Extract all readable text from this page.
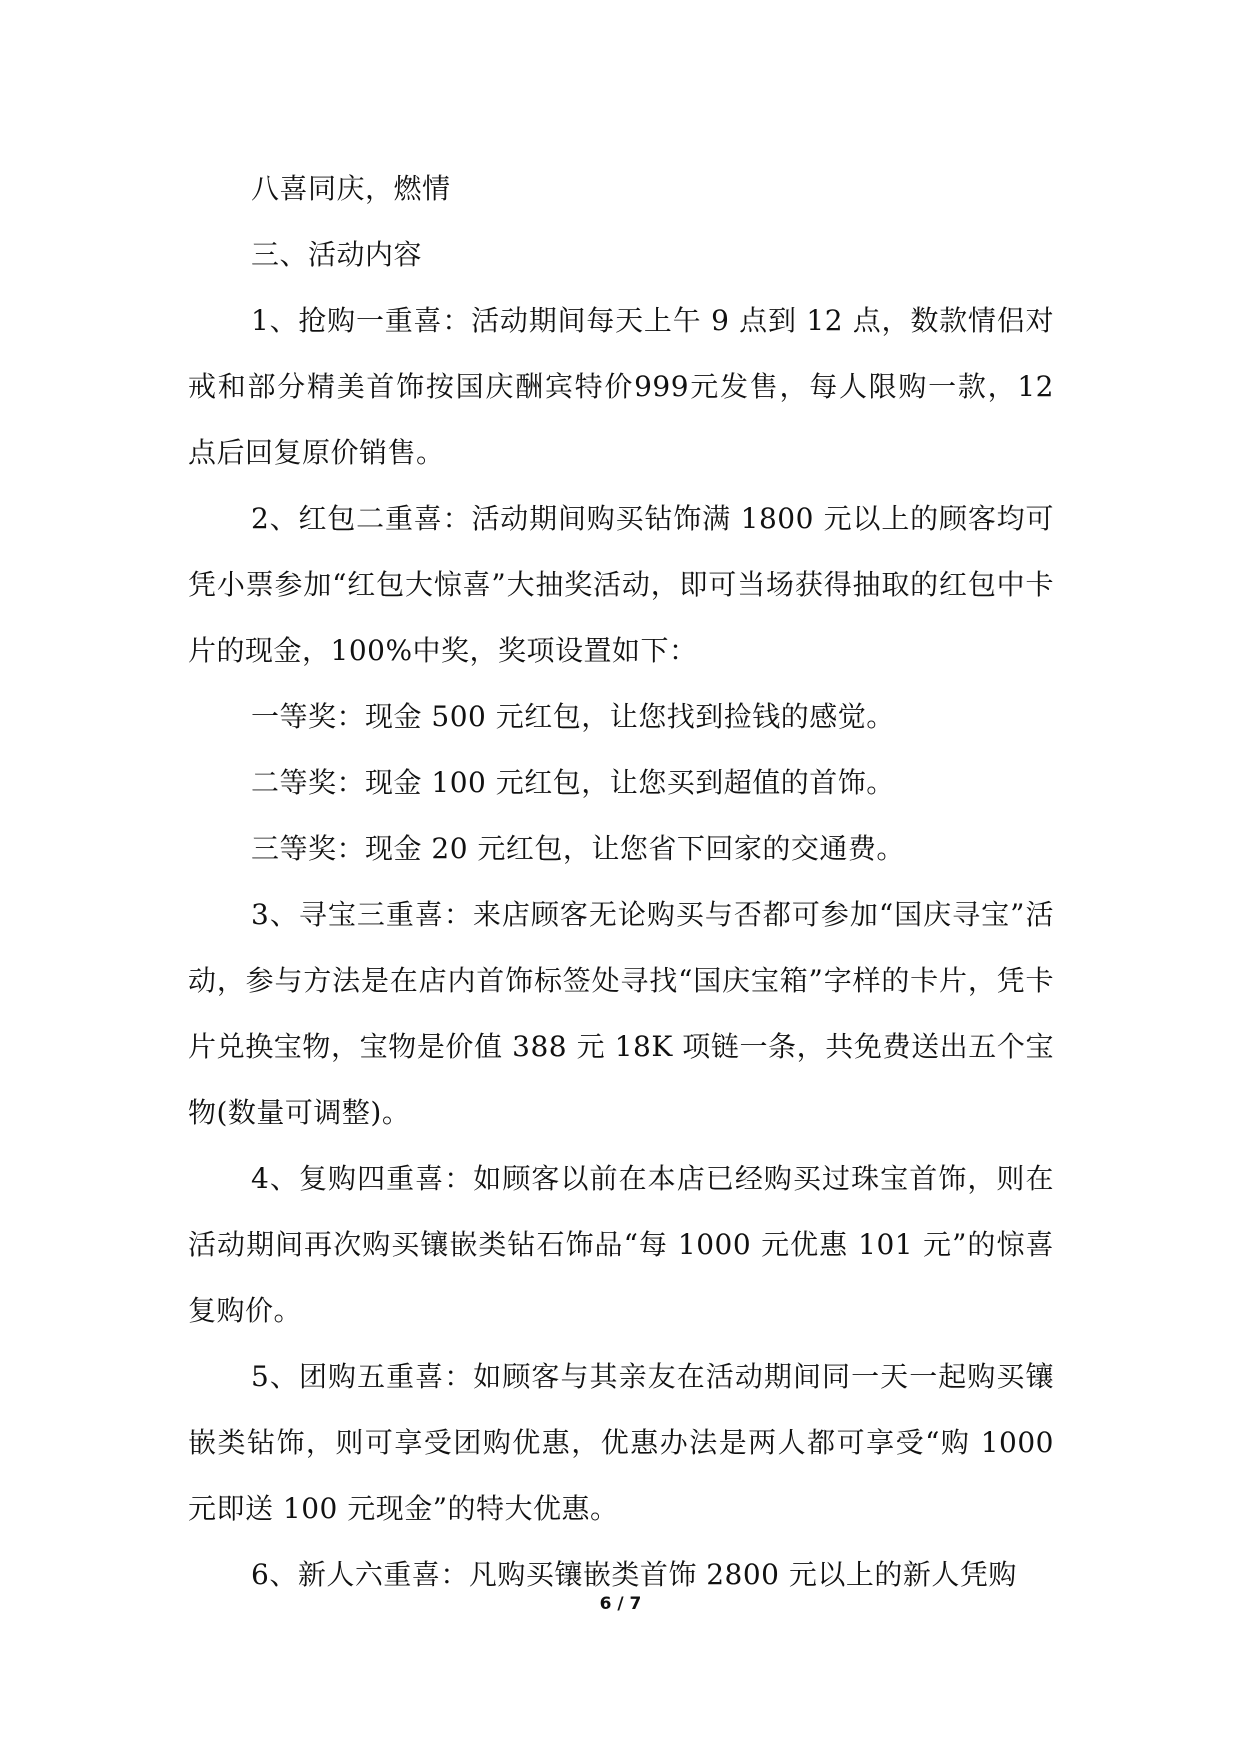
八喜同庆，燃情

三、活动内容

1、抢购一重喜：活动期间每天上午 9 点到 12 点，数款情侣对戒和部分精美首饰按国庆酬宾特价999元发售，每人限购一款，12 点后回复原价销售。

2、红包二重喜：活动期间购买钻饰满 1800 元以上的顾客均可凭小票参加“红包大惊喜”大抽奖活动，即可当场获得抽取的红包中卡片的现金，100%中奖，奖项设置如下：

一等奖：现金 500 元红包，让您找到捡钱的感觉。

二等奖：现金 100 元红包，让您买到超值的首饰。

三等奖：现金 20 元红包，让您省下回家的交通费。

3、寻宝三重喜：来店顾客无论购买与否都可参加“国庆寻宝”活动，参与方法是在店内首饰标签处寻找“国庆宝箱”字样的卡片，凭卡片兑换宝物，宝物是价值 388 元 18K 项链一条，共免费送出五个宝物(数量可调整)。

4、复购四重喜：如顾客以前在本店已经购买过珠宝首饰，则在活动期间再次购买镶嵌类钻石饰品“每 1000 元优惠 101 元”的惊喜复购价。

5、团购五重喜：如顾客与其亲友在活动期间同一天一起购买镶嵌类钻饰，则可享受团购优惠，优惠办法是两人都可享受“购 1000 元即送 100 元现金”的特大优惠。

6、新人六重喜：凡购买镶嵌类首饰 2800 元以上的新人凭购

6 / 7
